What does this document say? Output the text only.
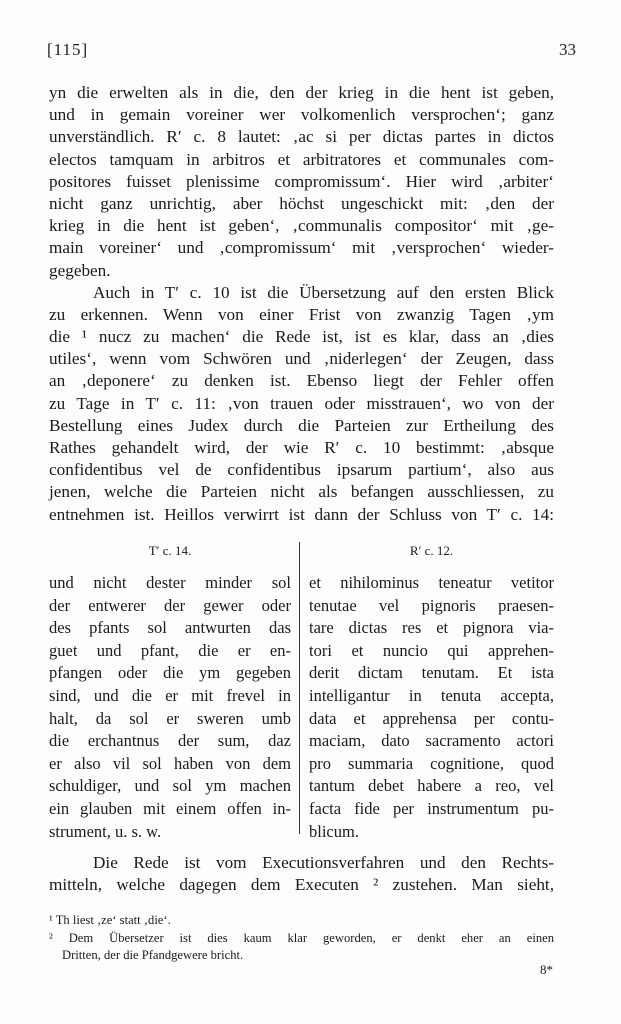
[115]	33
yn die erwelten als in die, den der krieg in die hent ist geben,
und in gemain voreiner wer volkomenlich versprochen‘; ganz
unverständlich. R′ c. 8 lautet: ‚ac si per dictas partes in dictos
electos tamquam in arbitros et arbitratores et communales com-
positores fuisset plenissime compromissum‘. Hier wird ‚arbiter‘
nicht ganz unrichtig, aber höchst ungeschickt mit: ‚den der
krieg in die hent ist geben‘, ‚communalis compositor‘ mit ‚ge-
main voreiner‘ und ‚compromissum‘ mit ‚versprochen‘ wieder-
gegeben.
Auch in T′ c. 10 ist die Übersetzung auf den ersten Blick
zu erkennen. Wenn von einer Frist von zwanzig Tagen ‚ym
die ¹ nucz zu machen‘ die Rede ist, ist es klar, dass an ‚dies
utiles‘, wenn vom Schwören und ‚niderlegen‘ der Zeugen, dass
an ‚deponere‘ zu denken ist. Ebenso liegt der Fehler offen
zu Tage in T′ c. 11: ‚von trauen oder misstrauen‘, wo von der
Bestellung eines Judex durch die Parteien zur Ertheilung des
Rathes gehandelt wird, der wie R′ c. 10 bestimmt: ‚absque
confidentibus vel de confidentibus ipsarum partium‘, also aus
jenen, welche die Parteien nicht als befangen ausschliessen, zu
entnehmen ist. Heillos verwirrt ist dann der Schluss von T′ c. 14:
T′ c. 14.
und nicht dester minder sol
der entwerer der gewer oder
des pfants sol antwurten das
guet und pfant, die er en-
pfangen oder die ym gegeben
sind, und die er mit frevel in
halt, da sol er sweren umb
die erchantnus der sum, daz
er also vil sol haben von dem
schuldiger, und sol ym machen
ein glauben mit einem offen in-
strument, u. s. w.
R′ c. 12.
et nihilominus teneatur vetitor
tenutae vel pignoris praesen-
tare dictas res et pignora via-
tori et nuncio qui apprehen-
derit dictam tenutam. Et ista
intelligantur in tenuta accepta,
data et apprehensa per contu-
maciam, dato sacramento actori
pro summaria cognitione, quod
tantum debet habere a reo, vel
facta fide per instrumentum pu-
blicum.
Die Rede ist vom Executionsverfahren und den Rechts-
mitteln, welche dagegen dem Executen ² zustehen. Man sieht,
¹ Th liest ‚ze‘ statt ‚die‘.
² Dem Übersetzer ist dies kaum klar geworden, er denkt eher an einen
Dritten, der die Pfandgewere bricht.
8*
